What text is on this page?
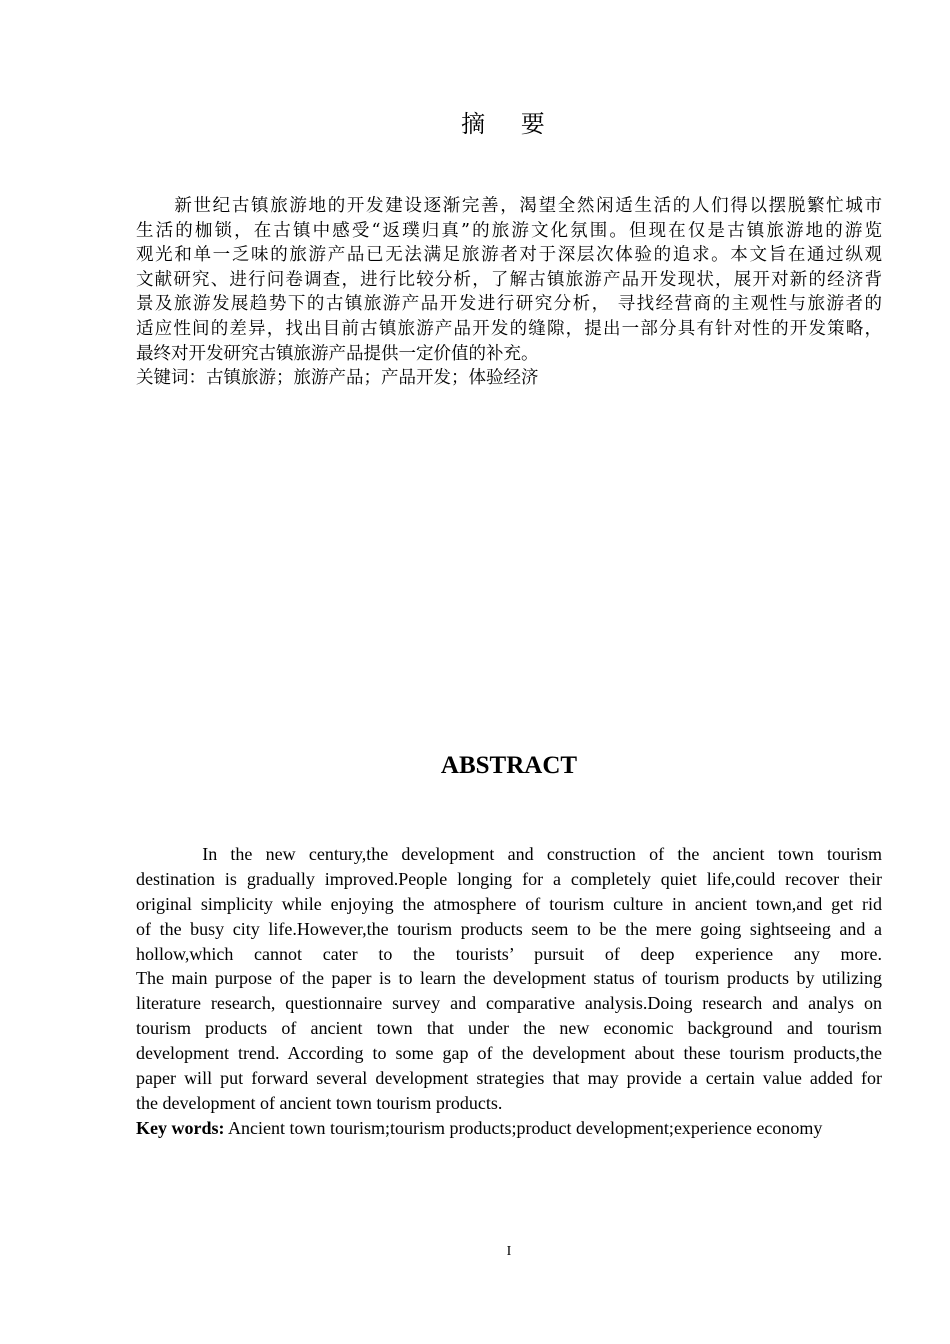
摘 要
　　新世纪古镇旅游地的开发建设逐渐完善，渴望全然闲适生活的人们得以摆脱繁忙城市
生活的枷锁，在古镇中感受“返璞归真”的旅游文化氛围。但现在仅是古镇旅游地的游览
观光和单一乏味的旅游产品已无法满足旅游者对于深层次体验的追求。本文旨在通过纵观
文献研究、进行问卷调查，进行比较分析，了解古镇旅游产品开发现状，展开对新的经济背
景及旅游发展趋势下的古镇旅游产品开发进行研究分析， 寻找经营商的主观性与旅游者的
适应性间的差异，找出目前古镇旅游产品开发的缝隙，提出一部分具有针对性的开发策略，
最终对开发研究古镇旅游产品提供一定价值的补充。
关键词：古镇旅游；旅游产品；产品开发；体验经济
ABSTRACT
In the new century,the development and construction of the ancient town tourism
destination is gradually improved.People longing for a completely quiet life,could recover their
original simplicity while enjoying the atmosphere of tourism culture in ancient town,and get rid
of the busy city life.However,the tourism products seem to be the mere going sightseeing and a
hollow,which cannot cater to the tourists’ pursuit of deep experience any more.
The main purpose of the paper is to learn the development status of tourism products by utilizing
literature research, questionnaire survey and comparative analysis.Doing research and analys on
tourism products of ancient town that under the new economic background and tourism
development trend. According to some gap of the development about these tourism products,the
paper will put forward several development strategies that may provide a certain value added for
the development of ancient town tourism products.
Key words: Ancient town tourism;tourism products;product development;experience economy
I
